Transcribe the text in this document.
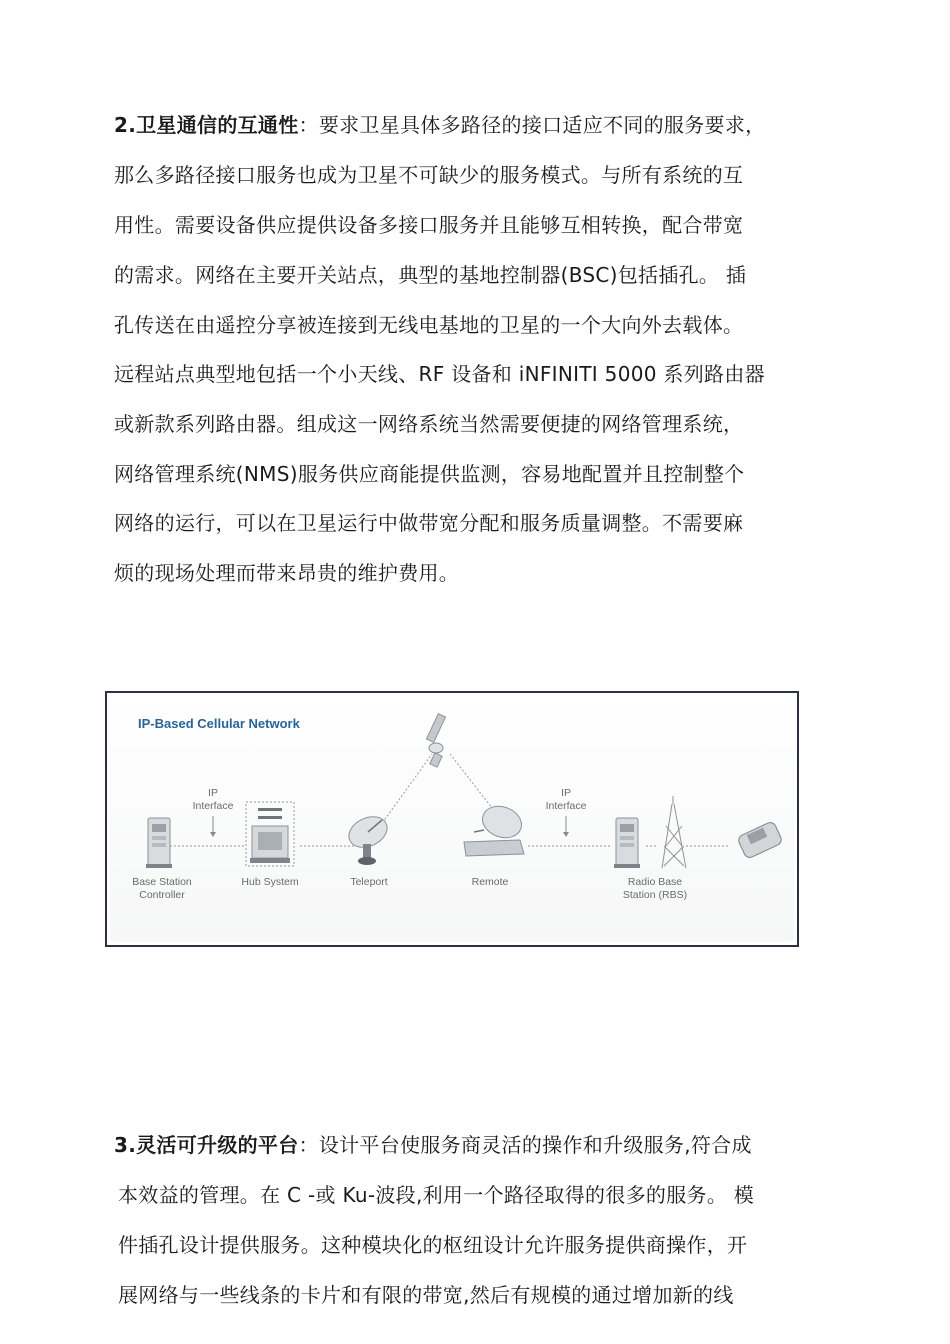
2.卫星通信的互通性：要求卫星具体多路径的接口适应不同的服务要求，
那么多路径接口服务也成为卫星不可缺少的服务模式。与所有系统的互
用性。需要设备供应提供设备多接口服务并且能够互相转换，配合带宽
的需求。网络在主要开关站点，典型的基地控制器(BSC)包括插孔。 插
孔传送在由遥控分享被连接到无线电基地的卫星的一个大向外去载体。
远程站点典型地包括一个小天线、RF 设备和 iNFINITI 5000 系列路由器
或新款系列路由器。组成这一网络系统当然需要便捷的网络管理系统，
网络管理系统(NMS)服务供应商能提供监测，容易地配置并且控制整个
网络的运行，可以在卫星运行中做带宽分配和服务质量调整。不需要麻
烦的现场处理而带来昂贵的维护费用。
IP-Based Cellular Network
IP
Interface
IP
Interface
Base Station
Controller
Hub System	Teleport	Remote	Radio Base
Station (RBS)
3.灵活可升级的平台：设计平台使服务商灵活的操作和升级服务,符合成
本效益的管理。在 C -或 Ku-波段,利用一个路径取得的很多的服务。 模
件插孔设计提供服务。这种模块化的枢纽设计允许服务提供商操作，开
展网络与一些线条的卡片和有限的带宽,然后有规模的通过增加新的线
